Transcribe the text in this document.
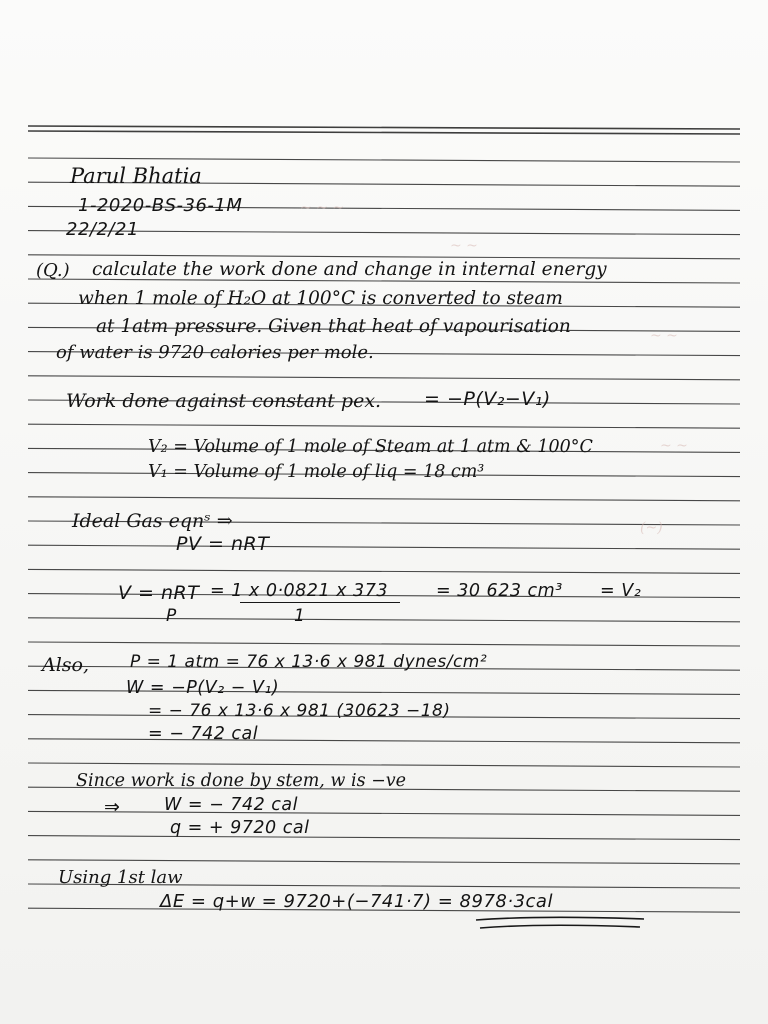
~ ~ ~
~ ~
~ ~
~ ~
(~)
Parul Bhatia
1-2020-BS-36-1M
22/2/21
(Q.) calculate the work done and change in internal energy
when 1 mole of H₂O at 100°C is converted to steam
at 1atm pressure. Given that heat of vapourisation
of water is 9720 calories per mole.
Work done against constant pex. = −P(V₂−V₁)
V₂ = Volume of 1 mole of Steam at 1 atm & 100°C
V₁ = Volume of 1 mole of liq = 18 cm³
Ideal Gas eqnˢ ⇒
PV = nRT
V = nRT
P
= 1 x 0·0821 x 373
1
= 30 623 cm³ = V₂
Also, P = 1 atm = 76 x 13·6 x 981 dynes/cm²
W = −P(V₂ − V₁)
= − 76 x 13·6 x 981 (30623 −18)
= − 742 cal
Since work is done by stem, w is −ve
⇒ W = − 742 cal
q = + 9720 cal
Using 1st law
ΔE = q+w = 9720+(−741·7) = 8978·3cal
